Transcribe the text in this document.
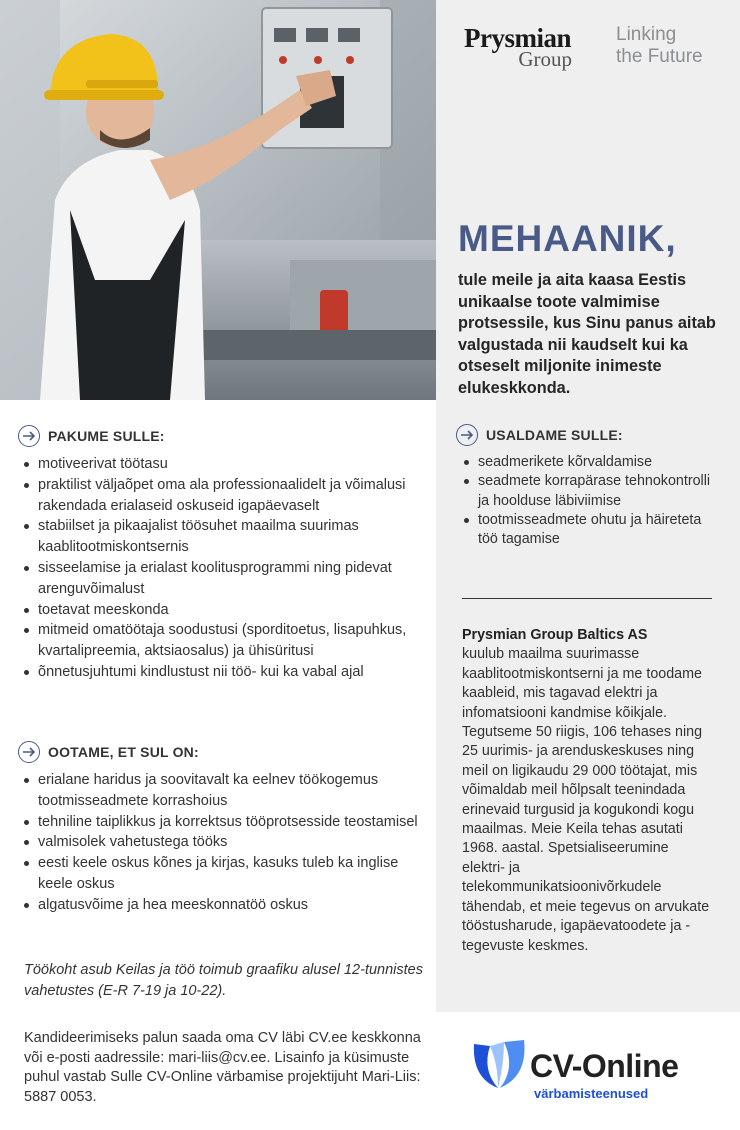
Prysmian
Group
Linking
the Future
MEHAANIK,
tule meile ja aita kaasa Eestis unikaalse toote valmimise protsessile, kus Sinu panus aitab valgustada nii kaudselt kui ka otseselt miljonite inimeste elukeskkonda.
PAKUME SULLE:
motiveerivat töötasu
praktilist väljaõpet oma ala professionaalidelt ja võimalusi rakendada erialaseid oskuseid igapäevaselt
stabiilset ja pikaajalist töösuhet maailma suurimas kaablitootmiskontsernis
sisseelamise ja erialast koolitusprogrammi ning pidevat arenguvõimalust
toetavat meeskonda
mitmeid omatöötaja soodustusi (sporditoetus, lisapuhkus, kvartalipreemia, aktsiaosalus) ja ühisüritusi
õnnetusjuhtumi kindlustust nii töö- kui ka vabal ajal
OOTAME, ET SUL ON:
erialane haridus ja soovitavalt ka eelnev töökogemus tootmisseadmete korrashoius
tehniline taiplikkus ja korrektsus tööprotsesside teostamisel
valmisolek vahetustega tööks
eesti keele oskus kõnes ja kirjas, kasuks tuleb ka inglise keele oskus
algatusvõime ja hea meeskonnatöö oskus
Töökoht asub Keilas ja töö toimub graafiku alusel 12-tunnistes vahetustes (E-R 7-19 ja 10-22).
Kandideerimiseks palun saada oma CV läbi CV.ee keskkonna või e-posti aadressile: mari-liis@cv.ee. Lisainfo ja küsimuste puhul vastab Sulle CV-Online värbamise projektijuht Mari-Liis: 5887 0053.
USALDAME SULLE:
seadmerikete kõrvaldamise
seadmete korrapärase tehnokontrolli ja hoolduse läbiviimise
tootmisseadmete ohutu ja häireteta töö tagamise
Prysmian Group Baltics AS
kuulub maailma suurimasse kaablitootmiskontserni ja me toodame kaableid, mis tagavad elektri ja infomatsiooni kandmise kõikjale. Tegutseme 50 riigis, 106 tehases ning 25 uurimis- ja arenduskeskuses ning meil on ligikaudu 29 000 töötajat, mis võimaldab meil hõlpsalt teenindada erinevaid turgusid ja kogukondi kogu maailmas. Meie Keila tehas asutati 1968. aastal. Spetsialiseerumine elektri- ja telekommunikatsioonivõrkudele tähendab, et meie tegevus on arvukate tööstusharude, igapäevatoodete ja -tegevuste keskmes.
CV-Online
värbamisteenused
